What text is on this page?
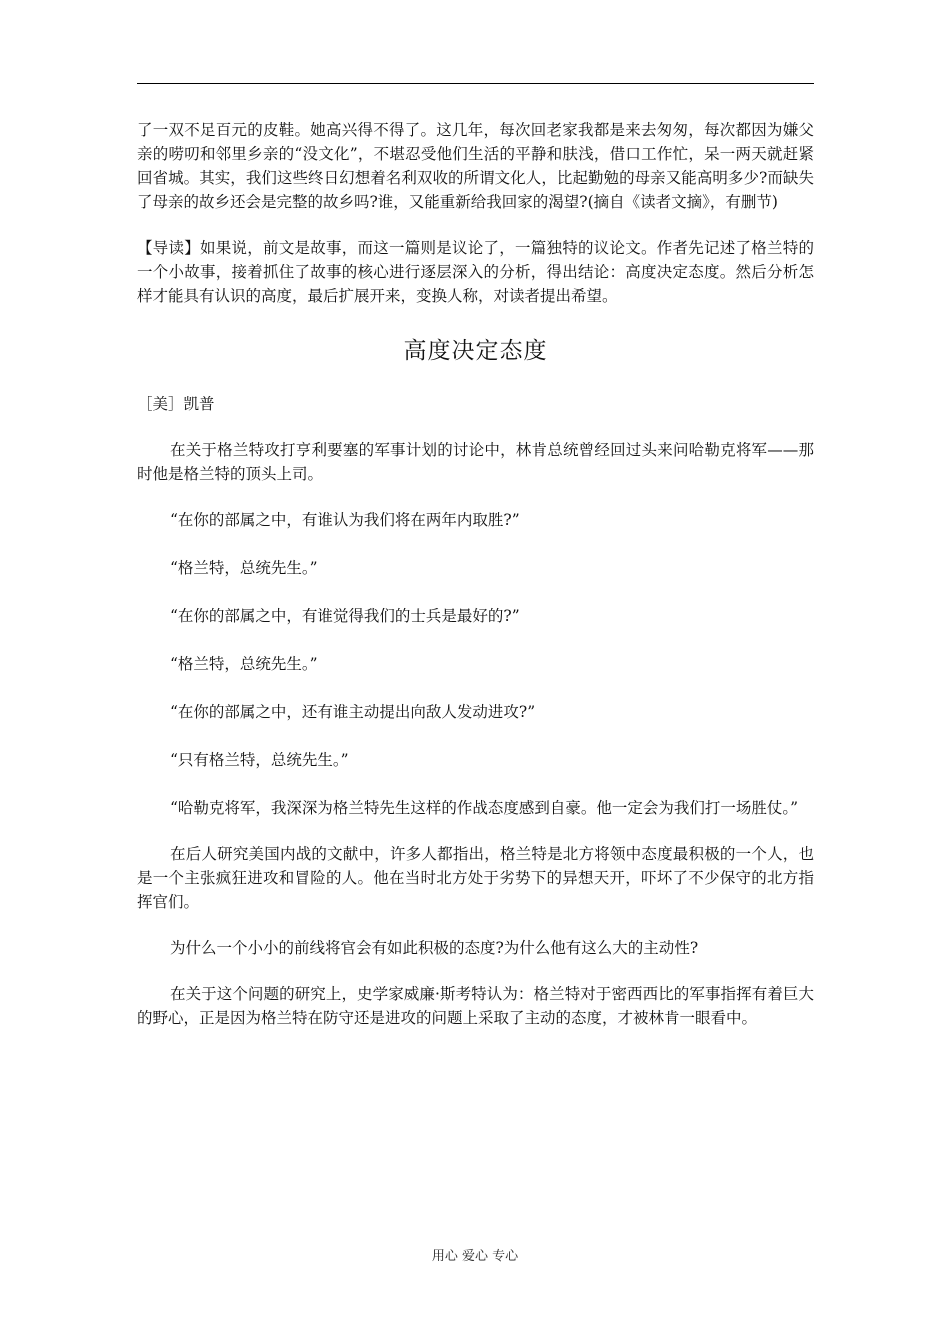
了一双不足百元的皮鞋。她高兴得不得了。这几年，每次回老家我都是来去匆匆，每次都因为嫌父亲的唠叨和邻里乡亲的“没文化”，不堪忍受他们生活的平静和肤浅，借口工作忙，呆一两天就赶紧回省城。其实，我们这些终日幻想着名利双收的所谓文化人，比起勤勉的母亲又能高明多少?而缺失了母亲的故乡还会是完整的故乡吗?谁，又能重新给我回家的渴望?(摘自《读者文摘》，有删节)

【导读】如果说，前文是故事，而这一篇则是议论了，一篇独特的议论文。作者先记述了格兰特的一个小故事，接着抓住了故事的核心进行逐层深入的分析，得出结论：高度决定态度。然后分析怎样才能具有认识的高度，最后扩展开来，变换人称，对读者提出希望。

高度决定态度

［美］凯普

在关于格兰特攻打亨利要塞的军事计划的讨论中，林肯总统曾经回过头来问哈勒克将军——那时他是格兰特的顶头上司。

“在你的部属之中，有谁认为我们将在两年内取胜?”

“格兰特，总统先生。”

“在你的部属之中，有谁觉得我们的士兵是最好的?”

“格兰特，总统先生。”

“在你的部属之中，还有谁主动提出向敌人发动进攻?”

“只有格兰特，总统先生。”

“哈勒克将军，我深深为格兰特先生这样的作战态度感到自豪。他一定会为我们打一场胜仗。”

在后人研究美国内战的文献中，许多人都指出，格兰特是北方将领中态度最积极的一个人，也是一个主张疯狂进攻和冒险的人。他在当时北方处于劣势下的异想天开，吓坏了不少保守的北方指挥官们。

为什么一个小小的前线将官会有如此积极的态度?为什么他有这么大的主动性?

在关于这个问题的研究上，史学家威廉·斯考特认为：格兰特对于密西西比的军事指挥有着巨大的野心，正是因为格兰特在防守还是进攻的问题上采取了主动的态度，才被林肯一眼看中。

用心 爱心 专心
